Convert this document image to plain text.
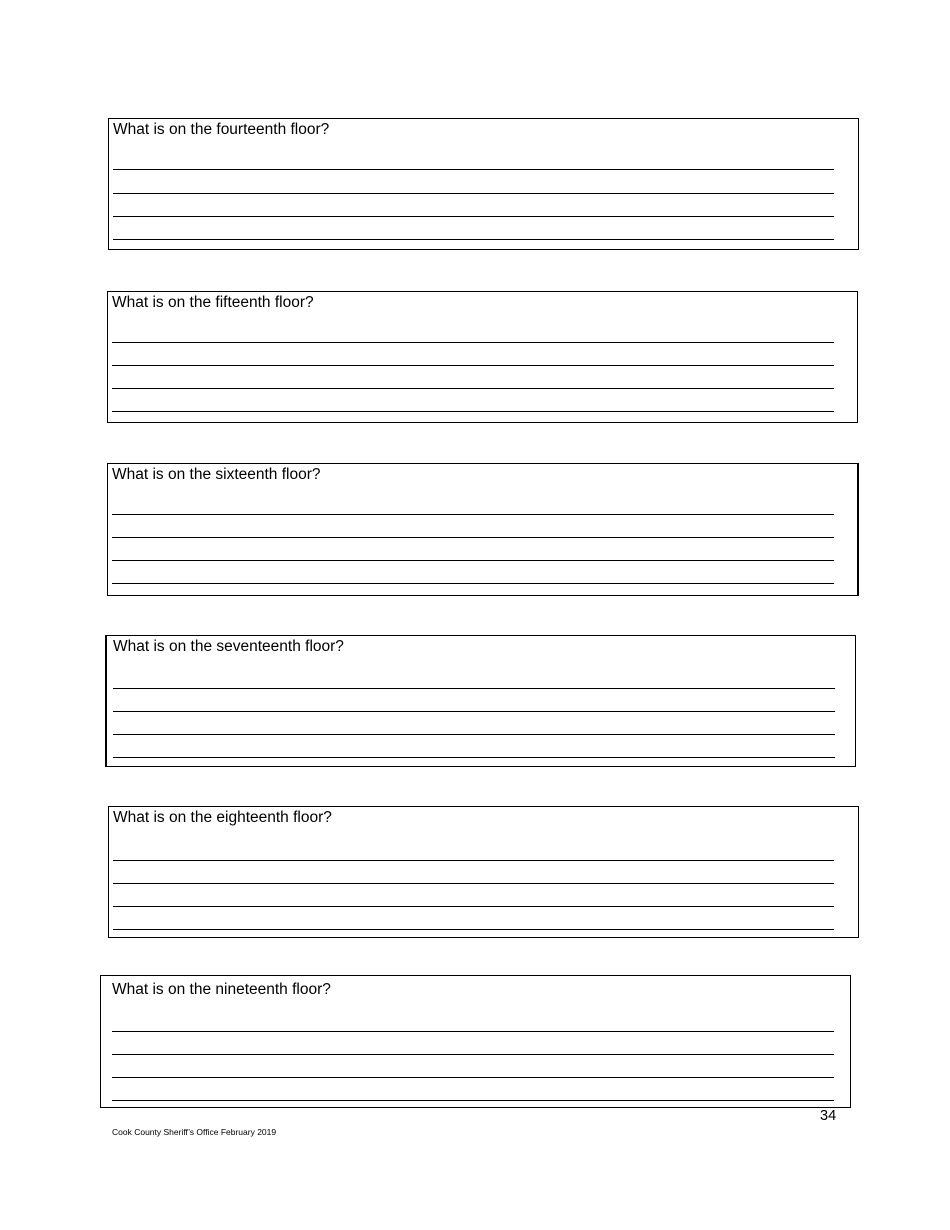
What is on the fourteenth floor?
What is on the fifteenth floor?
What is on the sixteenth floor?
What is on the seventeenth floor?
What is on the eighteenth floor?
What is on the nineteenth floor?
34
Cook County Sheriff’s Office February 2019
